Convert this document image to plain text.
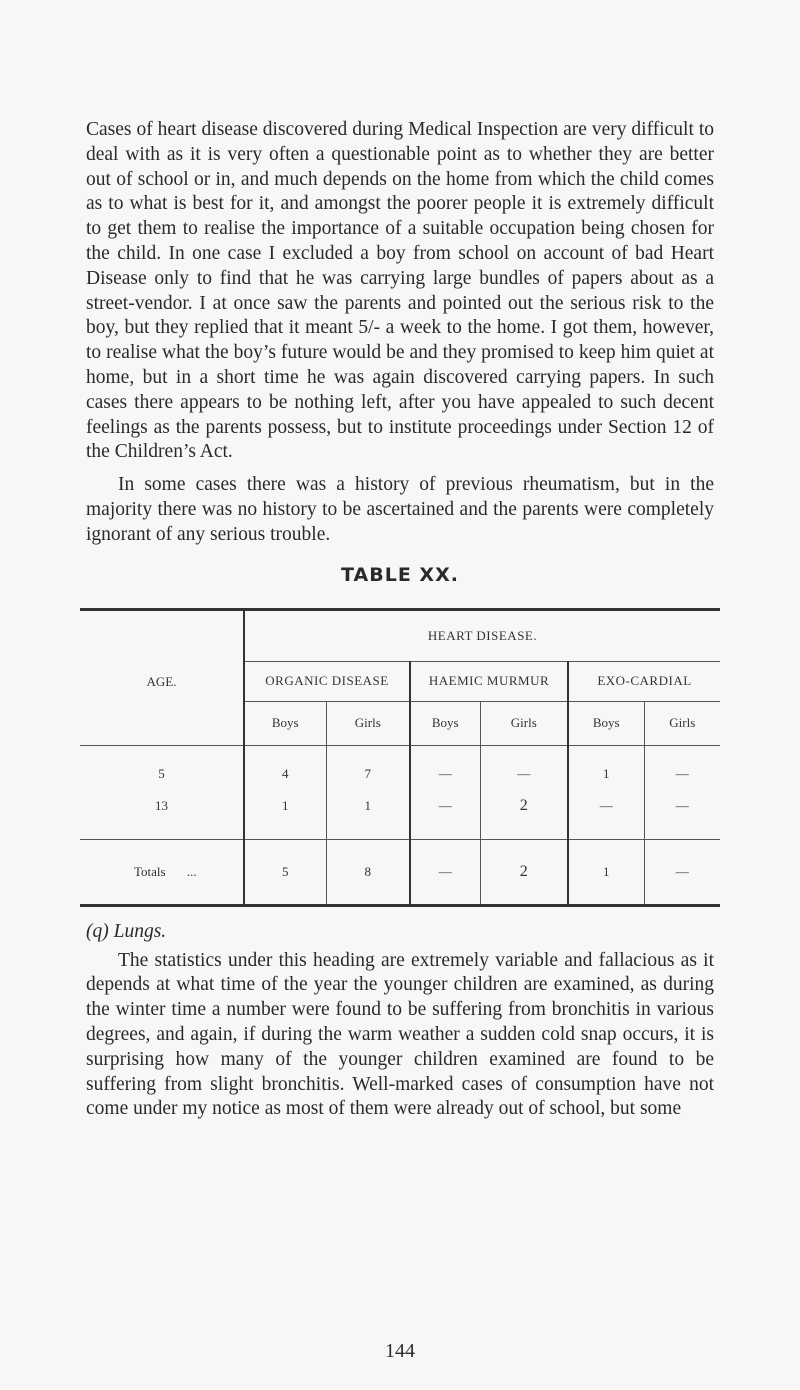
Cases of heart disease discovered during Medical Inspection are very difficult to deal with as it is very often a questionable point as to whether they are better out of school or in, and much depends on the home from which the child comes as to what is best for it, and amongst the poorer people it is extremely difficult to get them to realise the importance of a suitable occupation being chosen for the child. In one case I excluded a boy from school on account of bad Heart Disease only to find that he was carrying large bundles of papers about as a street-vendor. I at once saw the parents and pointed out the serious risk to the boy, but they replied that it meant 5/- a week to the home. I got them, however, to realise what the boy’s future would be and they promised to keep him quiet at home, but in a short time he was again discovered carrying papers. In such cases there appears to be nothing left, after you have appealed to such decent feelings as the parents possess, but to institute proceedings under Section 12 of the Children’s Act.

In some cases there was a history of previous rheumatism, but in the majority there was no history to be ascertained and the parents were completely ignorant of any serious trouble.

TABLE XX.
AGE.	HEART DISEASE.					
	ORGANIC DISEASE		HAEMIC MURMUR		EXO-CARDIAL	
	Boys	Girls	Boys	Girls	Boys	Girls
5	4	7	—	—	1	—
13	1	1	—	2	—	—
Totals ...	5	8	—	2	1	—
(q) Lungs.

The statistics under this heading are extremely variable and fallacious as it depends at what time of the year the younger children are examined, as during the winter time a number were found to be suffering from bronchitis in various degrees, and again, if during the warm weather a sudden cold snap occurs, it is surprising how many of the younger children examined are found to be suffering from slight bronchitis. Well-marked cases of consumption have not come under my notice as most of them were already out of school, but some

144
